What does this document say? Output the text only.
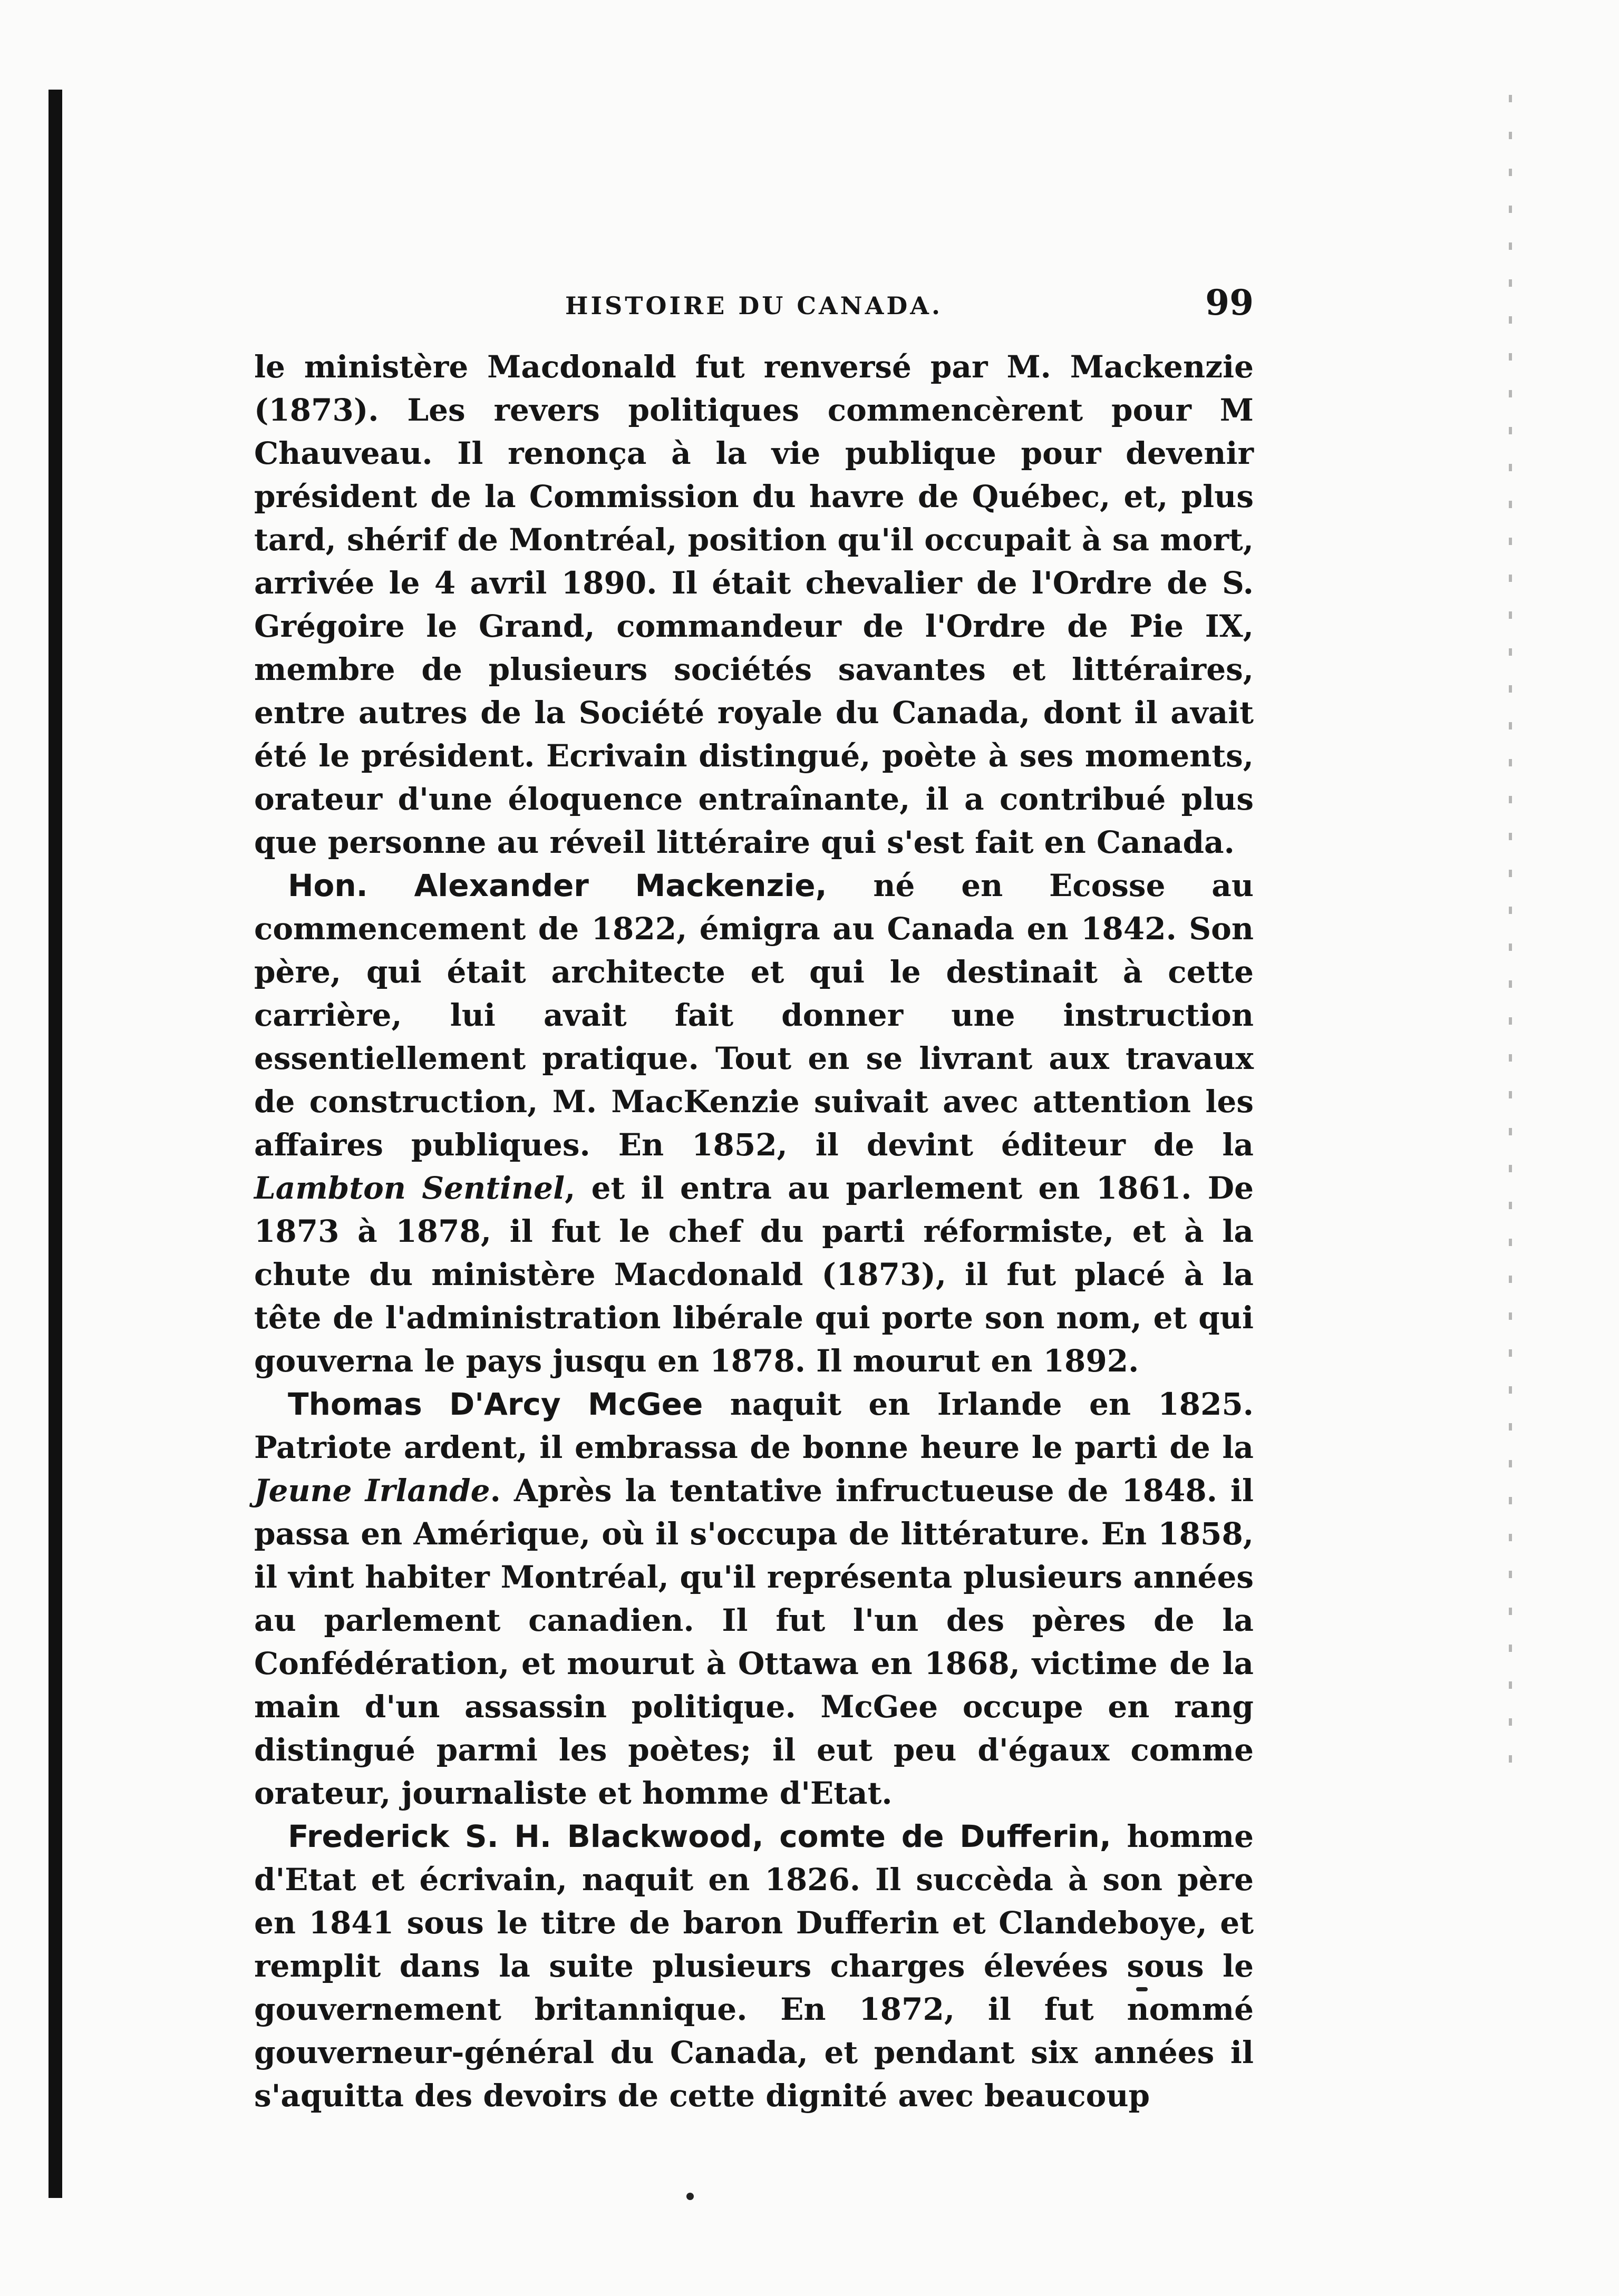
HISTOIRE DU CANADA.	99

le ministère Macdonald fut renversé par M. Mackenzie (1873). Les revers politiques commencèrent pour M Chauveau. Il renonça à la vie publique pour devenir président de la Commission du havre de Québec, et, plus tard, shérif de Montréal, position qu'il occupait à sa mort, arrivée le 4 avril 1890. Il était chevalier de l'Ordre de S. Grégoire le Grand, commandeur de l'Ordre de Pie IX, membre de plusieurs sociétés savantes et littéraires, entre autres de la Société royale du Canada, dont il avait été le président. Ecrivain distingué, poète à ses moments, orateur d'une éloquence entraînante, il a contribué plus que personne au réveil littéraire qui s'est fait en Canada.

Hon. Alexander Mackenzie, né en Ecosse au commencement de 1822, émigra au Canada en 1842. Son père, qui était architecte et qui le destinait à cette carrière, lui avait fait donner une instruction essentiellement pratique. Tout en se livrant aux travaux de construction, M. MacKenzie suivait avec attention les affaires publiques. En 1852, il devint éditeur de la Lambton Sentinel, et il entra au parlement en 1861. De 1873 à 1878, il fut le chef du parti réformiste, et à la chute du ministère Macdonald (1873), il fut placé à la tête de l'administration libérale qui porte son nom, et qui gouverna le pays jusqu en 1878. Il mourut en 1892.

Thomas D'Arcy McGee naquit en Irlande en 1825. Patriote ardent, il embrassa de bonne heure le parti de la Jeune Irlande. Après la tentative infructueuse de 1848. il passa en Amérique, où il s'occupa de littérature. En 1858, il vint habiter Montréal, qu'il représenta plusieurs années au parlement canadien. Il fut l'un des pères de la Confédération, et mourut à Ottawa en 1868, victime de la main d'un assassin politique. McGee occupe en rang distingué parmi les poètes; il eut peu d'égaux comme orateur, journaliste et homme d'Etat.

Frederick S. H. Blackwood, comte de Dufferin, homme d'Etat et écrivain, naquit en 1826. Il succèda à son père en 1841 sous le titre de baron Dufferin et Clandeboye, et remplit dans la suite plusieurs charges élevées sous le gouvernement britannique. En 1872, il fut nommé gouverneur-général du Canada, et pendant six années il s'aquitta des devoirs de cette dignité avec beaucoup
